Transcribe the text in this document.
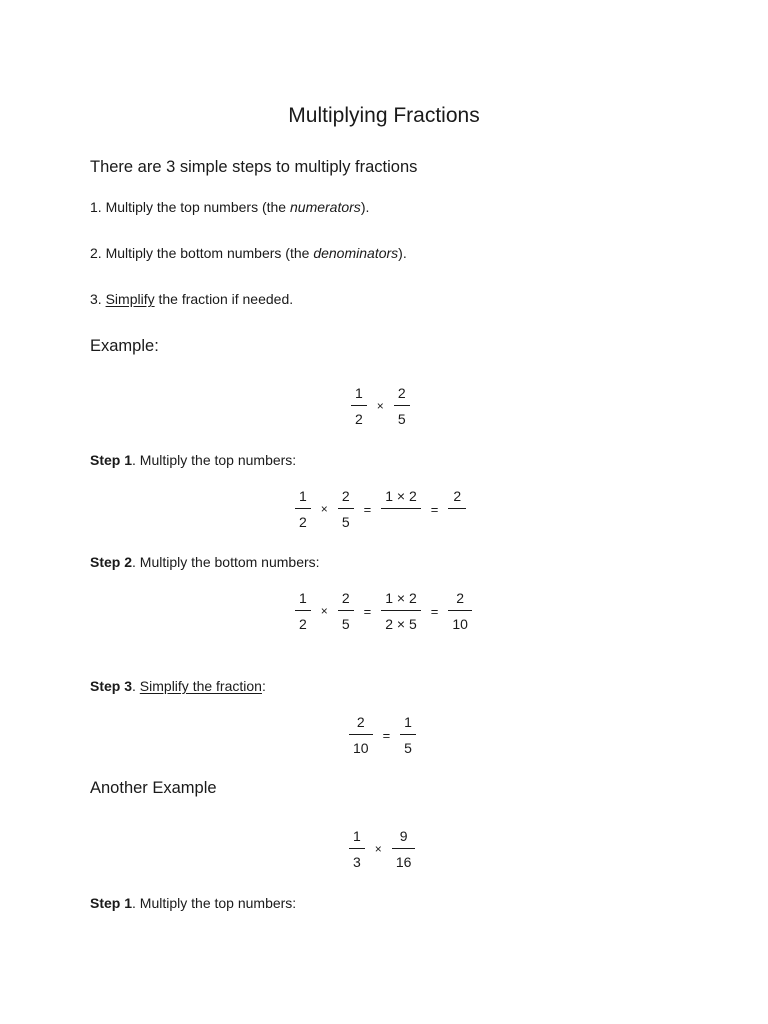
Multiplying Fractions
There are 3 simple steps to multiply fractions
1. Multiply the top numbers (the numerators).
2. Multiply the bottom numbers (the denominators).
3. Simplify the fraction if needed.
Example:
$\frac{1}{2} \times \frac{2}{5}$
Step 1. Multiply the top numbers:
$\frac{1}{2} \times \frac{2}{5}$ =
1 × 2
=
2
Step 2. Multiply the bottom numbers:
$\frac{1}{2} \times \frac{2}{5} = \frac{1 \times 2}{2 \times 5} = \frac{2}{10}$
Step 3. Simplify the fraction:
$\frac{2}{10} = \frac{1}{5}$
Another Example
$\frac{1}{3} \times \frac{9}{16}$
Step 1. Multiply the top numbers:
